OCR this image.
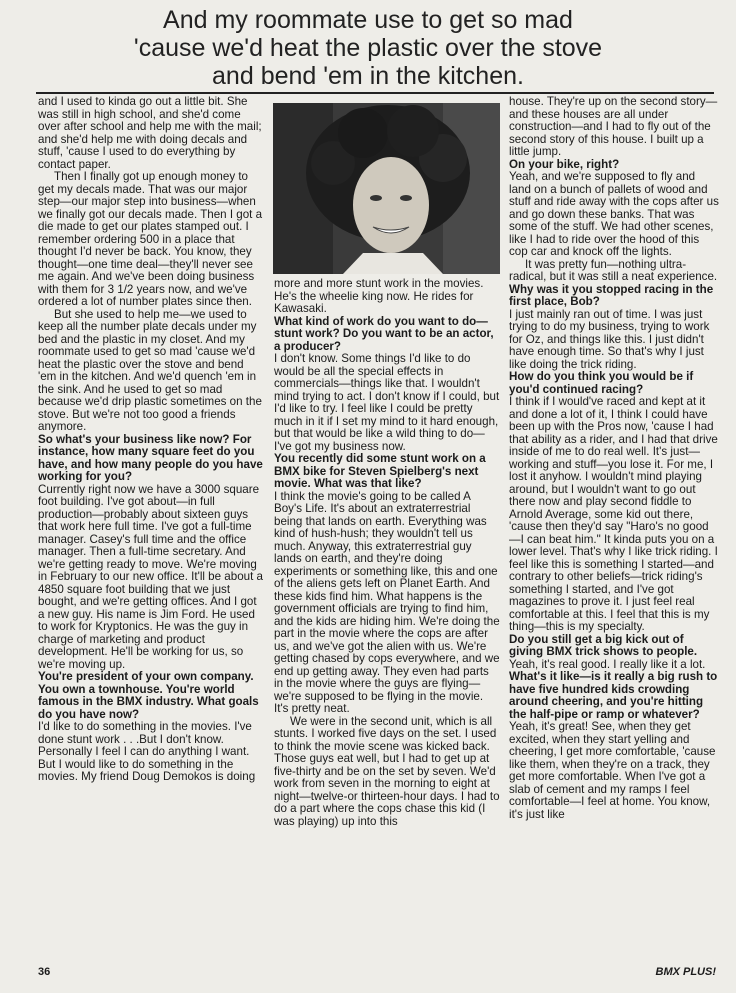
And my roommate use to get so mad
'cause we'd heat the plastic over the stove
and bend 'em in the kitchen.

and I used to kinda go out a little bit. She was still in high school, and she'd come over after school and help me with the mail; and she'd help me with doing decals and stuff, 'cause I used to do everything by contact paper.

Then I finally got up enough money to get my decals made. That was our major step—our major step into business—when we finally got our decals made. Then I got a die made to get our plates stamped out. I remember ordering 500 in a place that thought I'd never be back. You know, they thought—one time deal—they'll never see me again. And we've been doing business with them for 3 1/2 years now, and we've ordered a lot of number plates since then.

But she used to help me—we used to keep all the number plate decals under my bed and the plastic in my closet. And my roommate used to get so mad 'cause we'd heat the plastic over the stove and bend 'em in the kitchen. And we'd quench 'em in the sink. And he used to get so mad because we'd drip plastic sometimes on the stove. But we're not too good a friends anymore.

So what's your business like now? For instance, how many square feet do you have, and how many people do you have working for you?

Currently right now we have a 3000 square foot building. I've got about—in full production—probably about sixteen guys that work here full time. I've got a full-time manager. Casey's full time and the office manager. Then a full-time secretary. And we're getting ready to move. We're moving in February to our new office. It'll be about a 4850 square foot building that we just bought, and we're getting offices. And I got a new guy. His name is Jim Ford. He used to work for Kryptonics. He was the guy in charge of marketing and product development. He'll be working for us, so we're moving up.

You're president of your own company. You own a townhouse. You're world famous in the BMX industry. What goals do you have now?

I'd like to do something in the movies. I've done stunt work . . .But I don't know. Personally I feel I can do anything I want. But I would like to do something in the movies. My friend Doug Demokos is doing

more and more stunt work in the movies. He's the wheelie king now. He rides for Kawasaki.

What kind of work do you want to do—stunt work? Do you want to be an actor, a producer?

I don't know. Some things I'd like to do would be all the special effects in commercials—things like that. I wouldn't mind trying to act. I don't know if I could, but I'd like to try. I feel like I could be pretty much in it if I set my mind to it hard enough, but that would be like a wild thing to do—I've got my business now.

You recently did some stunt work on a BMX bike for Steven Spielberg's next movie. What was that like?

I think the movie's going to be called A Boy's Life. It's about an extraterrestrial being that lands on earth. Everything was kind of hush-hush; they wouldn't tell us much. Anyway, this extraterrestrial guy lands on earth, and they're doing experiments or something like, this and one of the aliens gets left on Planet Earth. And these kids find him. What happens is the government officials are trying to find him, and the kids are hiding him. We're doing the part in the movie where the cops are after us, and we've got the alien with us. We're getting chased by cops everywhere, and we end up getting away. They even had parts in the movie where the guys are flying—we're supposed to be flying in the movie. It's pretty neat.

We were in the second unit, which is all stunts. I worked five days on the set. I used to think the movie scene was kicked back. Those guys eat well, but I had to get up at five-thirty and be on the set by seven. We'd work from seven in the morning to eight at night—twelve-or thirteen-hour days. I had to do a part where the cops chase this kid (I was playing) up into this

house. They're up on the second story—and these houses are all under construction—and I had to fly out of the second story of this house. I built up a little jump.

On your bike, right?

Yeah, and we're supposed to fly and land on a bunch of pallets of wood and stuff and ride away with the cops after us and go down these banks. That was some of the stuff. We had other scenes, like I had to ride over the hood of this cop car and knock off the lights.

It was pretty fun—nothing ultra-radical, but it was still a neat experience.

Why was it you stopped racing in the first place, Bob?

I just mainly ran out of time. I was just trying to do my business, trying to work for Oz, and things like this. I just didn't have enough time. So that's why I just like doing the trick riding.

How do you think you would be if you'd continued racing?

I think if I would've raced and kept at it and done a lot of it, I think I could have been up with the Pros now, 'cause I had that ability as a rider, and I had that drive inside of me to do real well. It's just—working and stuff—you lose it. For me, I lost it anyhow. I wouldn't mind playing around, but I wouldn't want to go out there now and play second fiddle to Arnold Average, some kid out there, 'cause then they'd say "Haro's no good—I can beat him." It kinda puts you on a lower level. That's why I like trick riding. I feel like this is something I started—and contrary to other beliefs—trick riding's something I started, and I've got magazines to prove it. I just feel real comfortable at this. I feel that this is my thing—this is my specialty.

Do you still get a big kick out of giving BMX trick shows to people.

Yeah, it's real good. I really like it a lot.

What's it like—is it really a big rush to have five hundred kids crowding around cheering, and you're hitting the half-pipe or ramp or whatever?

Yeah, it's great! See, when they get excited, when they start yelling and cheering, I get more comfortable, 'cause like them, when they're on a track, they get more comfortable. When I've got a slab of cement and my ramps I feel comfortable—I feel at home. You know, it's just like

36	BMX PLUS!
